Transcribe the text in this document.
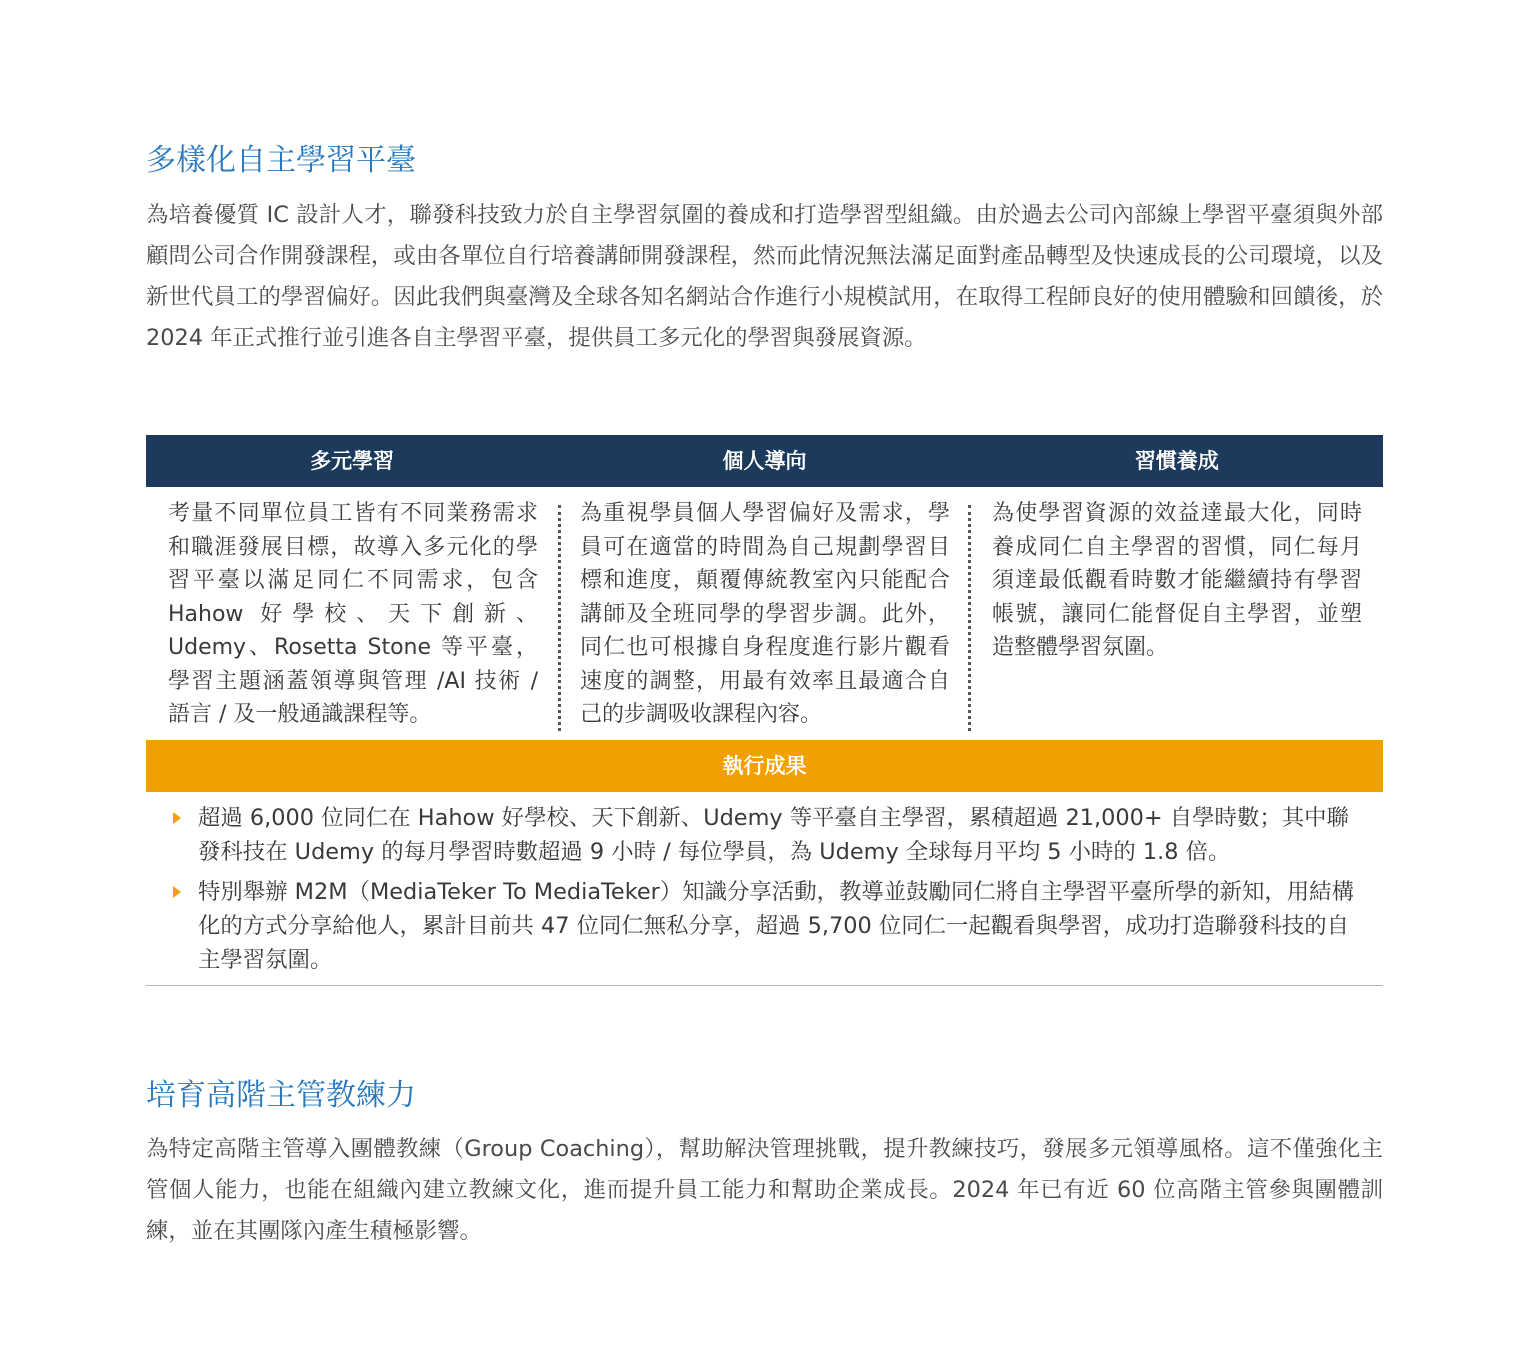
多樣化自主學習平臺

為培養優質 IC 設計人才，聯發科技致力於自主學習氛圍的養成和打造學習型組織。由於過去公司內部線上學習平臺須與外部顧問公司合作開發課程，或由各單位自行培養講師開發課程，然而此情況無法滿足面對產品轉型及快速成長的公司環境，以及新世代員工的學習偏好。因此我們與臺灣及全球各知名網站合作進行小規模試用，在取得工程師良好的使用體驗和回饋後，於 2024 年正式推行並引進各自主學習平臺，提供員工多元化的學習與發展資源。

多元學習	個人導向	習慣養成
考量不同單位員工皆有不同業務需求和職涯發展目標，故導入多元化的學習平臺以滿足同仁不同需求，包含 Hahow 好學校、天下創新、Udemy、Rosetta Stone 等平臺，學習主題涵蓋領導與管理 /AI 技術 / 語言 / 及一般通識課程等。
為重視學員個人學習偏好及需求，學員可在適當的時間為自己規劃學習目標和進度，顛覆傳統教室內只能配合講師及全班同學的學習步調。此外，同仁也可根據自身程度進行影片觀看速度的調整，用最有效率且最適合自己的步調吸收課程內容。
為使學習資源的效益達最大化，同時養成同仁自主學習的習慣，同仁每月須達最低觀看時數才能繼續持有學習帳號，讓同仁能督促自主學習，並塑造整體學習氛圍。
執行成果
超過 6,000 位同仁在 Hahow 好學校、天下創新、Udemy 等平臺自主學習，累積超過 21,000+ 自學時數；其中聯發科技在 Udemy 的每月學習時數超過 9 小時 / 每位學員，為 Udemy 全球每月平均 5 小時的 1.8 倍。
特別舉辦 M2M（MediaTeker To MediaTeker）知識分享活動，教導並鼓勵同仁將自主學習平臺所學的新知，用結構化的方式分享給他人，累計目前共 47 位同仁無私分享，超過 5,700 位同仁一起觀看與學習，成功打造聯發科技的自主學習氛圍。
培育高階主管教練力

為特定高階主管導入團體教練（Group Coaching），幫助解決管理挑戰，提升教練技巧，發展多元領導風格。這不僅強化主管個人能力，也能在組織內建立教練文化，進而提升員工能力和幫助企業成長。2024 年已有近 60 位高階主管參與團體訓練，並在其團隊內產生積極影響。
